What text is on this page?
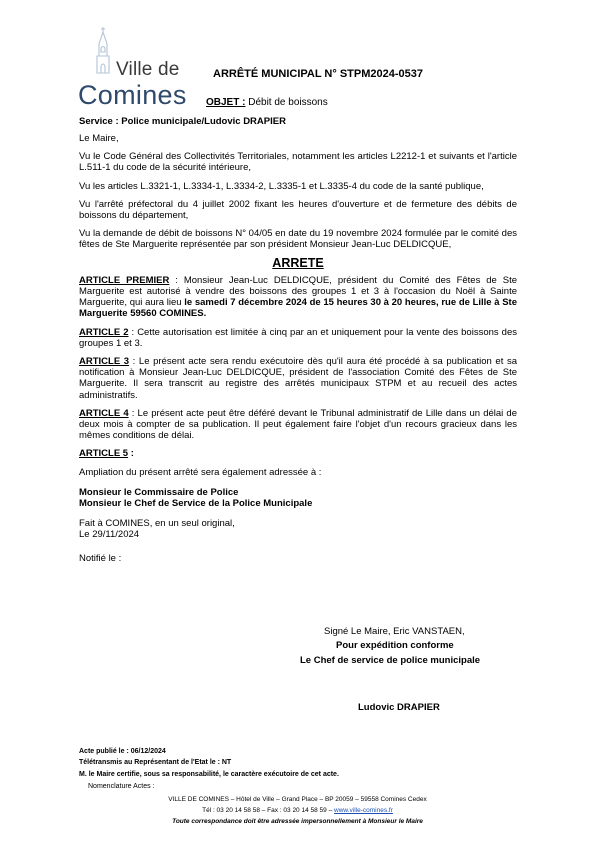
Ville de
Comines
ARRÊTÉ MUNICIPAL N° STPM2024-0537
OBJET : Débit de boissons
Service : Police municipale/Ludovic DRAPIER

Le Maire,

Vu le Code Général des Collectivités Territoriales, notamment les articles L2212-1 et suivants et l'article L.511-1 du code de la sécurité intérieure,

Vu les articles L.3321-1, L.3334-1, L.3334-2, L.3335-1 et L.3335-4 du code de la santé publique,

Vu l'arrêté préfectoral du 4 juillet 2002 fixant les heures d'ouverture et de fermeture des débits de boissons du département,

Vu la demande de débit de boissons N° 04/05 en date du 19 novembre 2024 formulée par le comité des fêtes de Ste Marguerite représentée par son président Monsieur Jean-Luc DELDICQUE,

ARRETE

ARTICLE PREMIER : Monsieur Jean-Luc DELDICQUE, président du Comité des Fêtes de Ste Marguerite est autorisé à vendre des boissons des groupes 1 et 3 à l'occasion du Noël à Sainte Marguerite, qui aura lieu le samedi 7 décembre 2024 de 15 heures 30 à 20 heures, rue de Lille à Ste Marguerite 59560 COMINES.

ARTICLE 2 : Cette autorisation est limitée à cinq par an et uniquement pour la vente des boissons des groupes 1 et 3.

ARTICLE 3 : Le présent acte sera rendu exécutoire dès qu'il aura été procédé à sa publication et sa notification à Monsieur Jean-Luc DELDICQUE, président de l'association Comité des Fêtes de Ste Marguerite. Il sera transcrit au registre des arrêtés municipaux STPM et au recueil des actes administratifs.

ARTICLE 4 : Le présent acte peut être déféré devant le Tribunal administratif de Lille dans un délai de deux mois à compter de sa publication. Il peut également faire l'objet d'un recours gracieux dans les mêmes conditions de délai.

ARTICLE 5 :

Ampliation du présent arrêté sera également adressée à :

Monsieur le Commissaire de Police

Monsieur le Chef de Service de la Police Municipale

Fait à COMINES, en un seul original,

Le 29/11/2024

Notifié le :

Signé Le Maire, Eric VANSTAEN,
Pour expédition conforme
Le Chef de service de police municipale
Ludovic DRAPIER
Acte publié le : 06/12/2024
Télétransmis au Représentant de l'Etat le : NT
M. le Maire certifie, sous sa responsabilité, le caractère exécutoire de cet acte.
Nomenclature Actes :
VILLE DE COMINES – Hôtel de Ville – Grand Place – BP 20059 – 59558 Comines Cedex
Tél : 03 20 14 58 58 – Fax : 03 20 14 58 59 – www.ville-comines.fr
Toute correspondance doit être adressée impersonnellement à Monsieur le Maire
